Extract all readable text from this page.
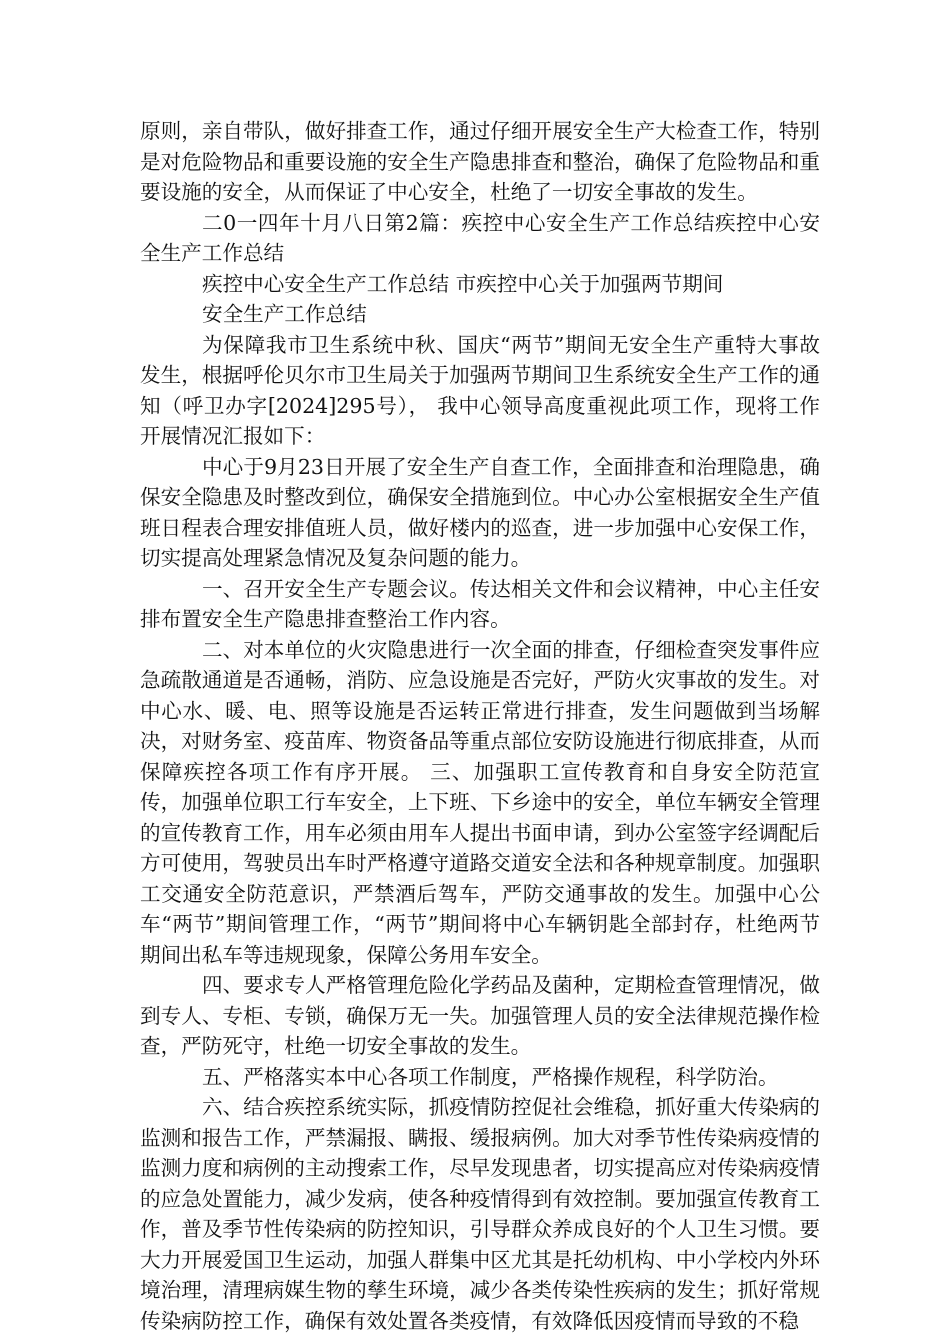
原则，亲自带队，做好排查工作，通过仔细开展安全生产大检查工作，特别是对危险物品和重要设施的安全生产隐患排查和整治，确保了危险物品和重要设施的安全，从而保证了中心安全，杜绝了一切安全事故的发生。

二0一四年十月八日第2篇：疾控中心安全生产工作总结疾控中心安全生产工作总结

疾控中心安全生产工作总结 市疾控中心关于加强两节期间

安全生产工作总结

为保障我市卫生系统中秋、国庆“两节”期间无安全生产重特大事故发生，根据呼伦贝尔市卫生局关于加强两节期间卫生系统安全生产工作的通知（呼卫办字[2024]295号）， 我中心领导高度重视此项工作，现将工作开展情况汇报如下：

中心于9月23日开展了安全生产自查工作，全面排查和治理隐患，确保安全隐患及时整改到位，确保安全措施到位。中心办公室根据安全生产值班日程表合理安排值班人员，做好楼内的巡查，进一步加强中心安保工作，切实提高处理紧急情况及复杂问题的能力。

一、召开安全生产专题会议。传达相关文件和会议精神，中心主任安排布置安全生产隐患排查整治工作内容。

二、对本单位的火灾隐患进行一次全面的排查，仔细检查突发事件应急疏散通道是否通畅，消防、应急设施是否完好，严防火灾事故的发生。对中心水、暖、电、照等设施是否运转正常进行排查，发生问题做到当场解决，对财务室、疫苗库、物资备品等重点部位安防设施进行彻底排查，从而保障疾控各项工作有序开展。 三、加强职工宣传教育和自身安全防范宣传，加强单位职工行车安全，上下班、下乡途中的安全，单位车辆安全管理的宣传教育工作，用车必须由用车人提出书面申请，到办公室签字经调配后方可使用，驾驶员出车时严格遵守道路交道安全法和各种规章制度。加强职工交通安全防范意识，严禁酒后驾车，严防交通事故的发生。加强中心公车“两节”期间管理工作，“两节”期间将中心车辆钥匙全部封存，杜绝两节期间出私车等违规现象，保障公务用车安全。

四、要求专人严格管理危险化学药品及菌种，定期检查管理情况，做到专人、专柜、专锁，确保万无一失。加强管理人员的安全法律规范操作检查，严防死守，杜绝一切安全事故的发生。

五、严格落实本中心各项工作制度，严格操作规程，科学防治。

六、结合疾控系统实际，抓疫情防控促社会维稳，抓好重大传染病的监测和报告工作，严禁漏报、瞒报、缓报病例。加大对季节性传染病疫情的监测力度和病例的主动搜索工作，尽早发现患者，切实提高应对传染病疫情的应急处置能力，减少发病，使各种疫情得到有效控制。要加强宣传教育工作，普及季节性传染病的防控知识，引导群众养成良好的个人卫生习惯。要大力开展爱国卫生运动，加强人群集中区尤其是托幼机构、中小学校内外环境治理，清理病媒生物的孳生环境，减少各类传染性疾病的发生；抓好常规传染病防控工作，确保有效处置各类疫情，有效降低因疫情而导致的不稳
